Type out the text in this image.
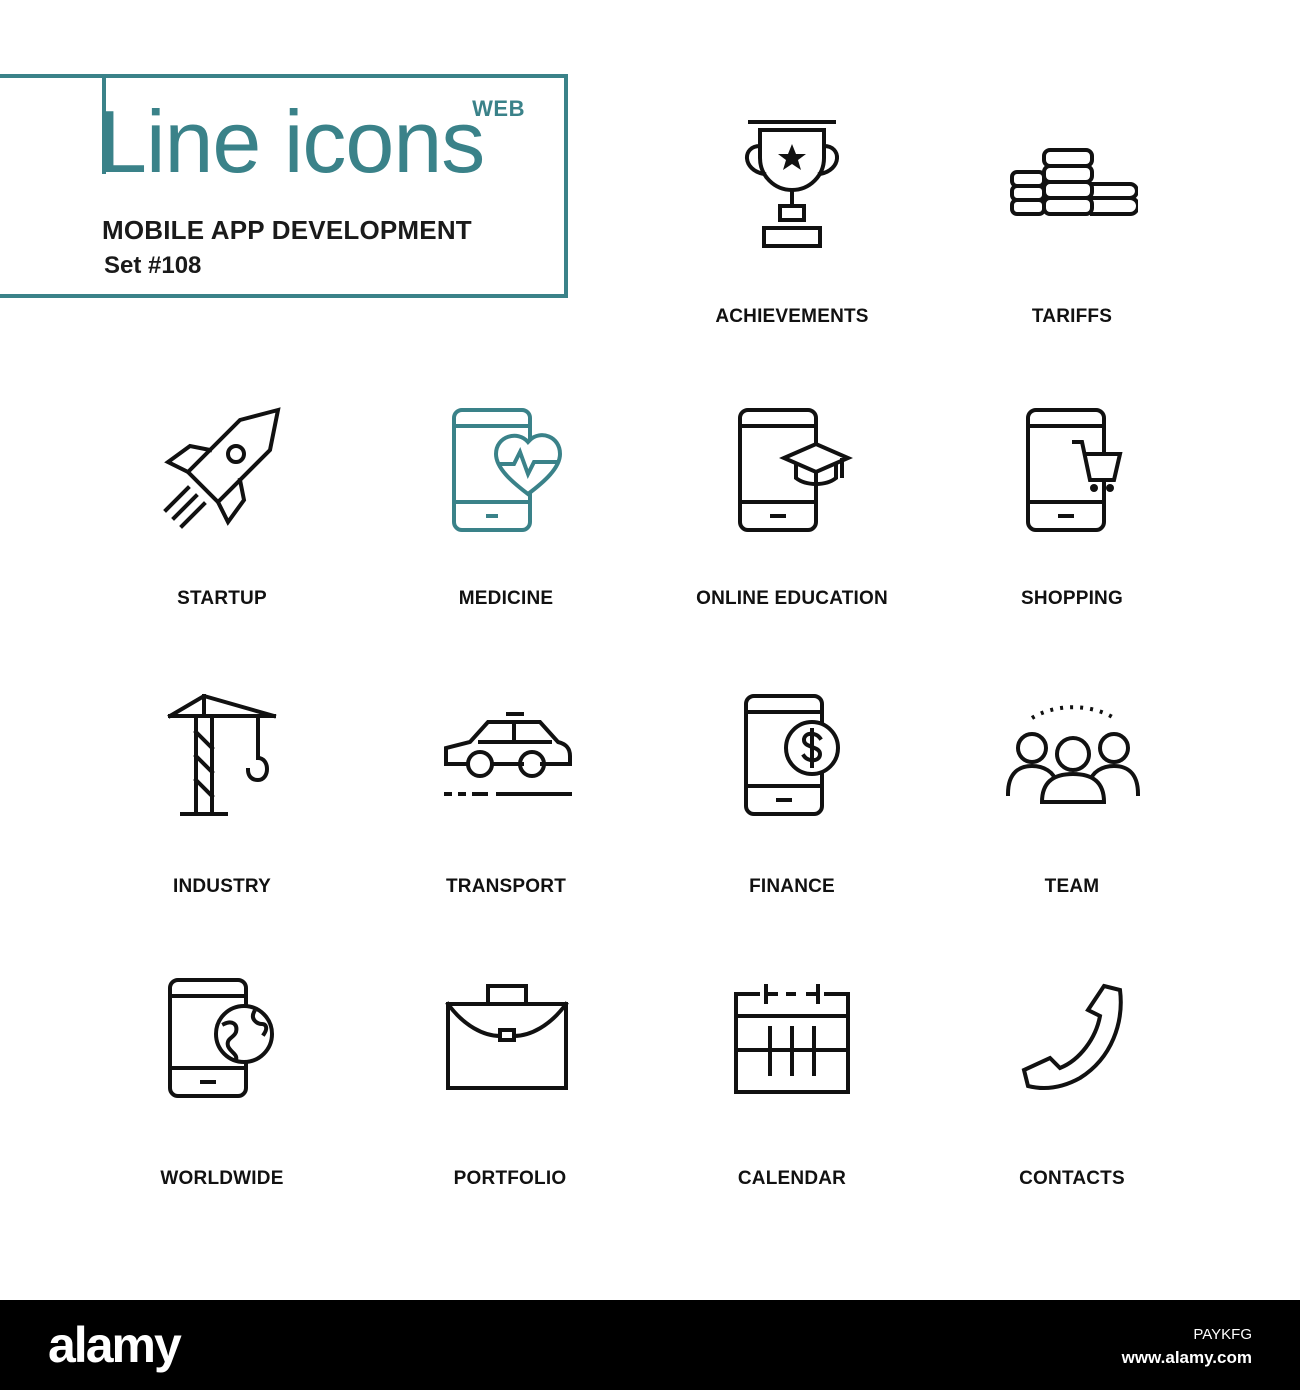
WEB
Line icons
MOBILE APP DEVELOPMENT
Set #108
ACHIEVEMENTS	TARIFFS
STARTUP	MEDICINE	ONLINE EDUCATION	SHOPPING
INDUSTRY	TRANSPORT	FINANCE	TEAM
WORLDWIDE	PORTFOLIO	CALENDAR	CONTACTS
alamy	PAYKFG
www.alamy.com
